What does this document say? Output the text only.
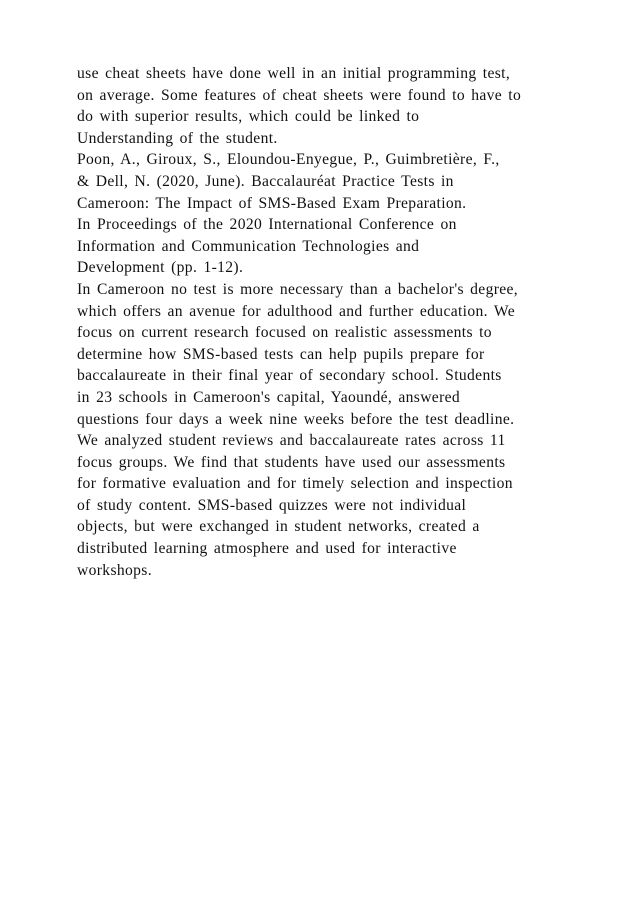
use cheat sheets have done well in an initial programming test,
on average. Some features of cheat sheets were found to have to
do with superior results, which could be linked to
Understanding of the student.
Poon, A., Giroux, S., Eloundou-Enyegue, P., Guimbretière, F.,
& Dell, N. (2020, June). Baccalauréat Practice Tests in
Cameroon: The Impact of SMS-Based Exam Preparation.
In Proceedings of the 2020 International Conference on
Information and Communication Technologies and
Development (pp. 1-12).
In Cameroon no test is more necessary than a bachelor's degree,
which offers an avenue for adulthood and further education. We
focus on current research focused on realistic assessments to
determine how SMS-based tests can help pupils prepare for
baccalaureate in their final year of secondary school. Students
in 23 schools in Cameroon's capital, Yaoundé, answered
questions four days a week nine weeks before the test deadline.
We analyzed student reviews and baccalaureate rates across 11
focus groups. We find that students have used our assessments
for formative evaluation and for timely selection and inspection
of study content. SMS-based quizzes were not individual
objects, but were exchanged in student networks, created a
distributed learning atmosphere and used for interactive
workshops.
